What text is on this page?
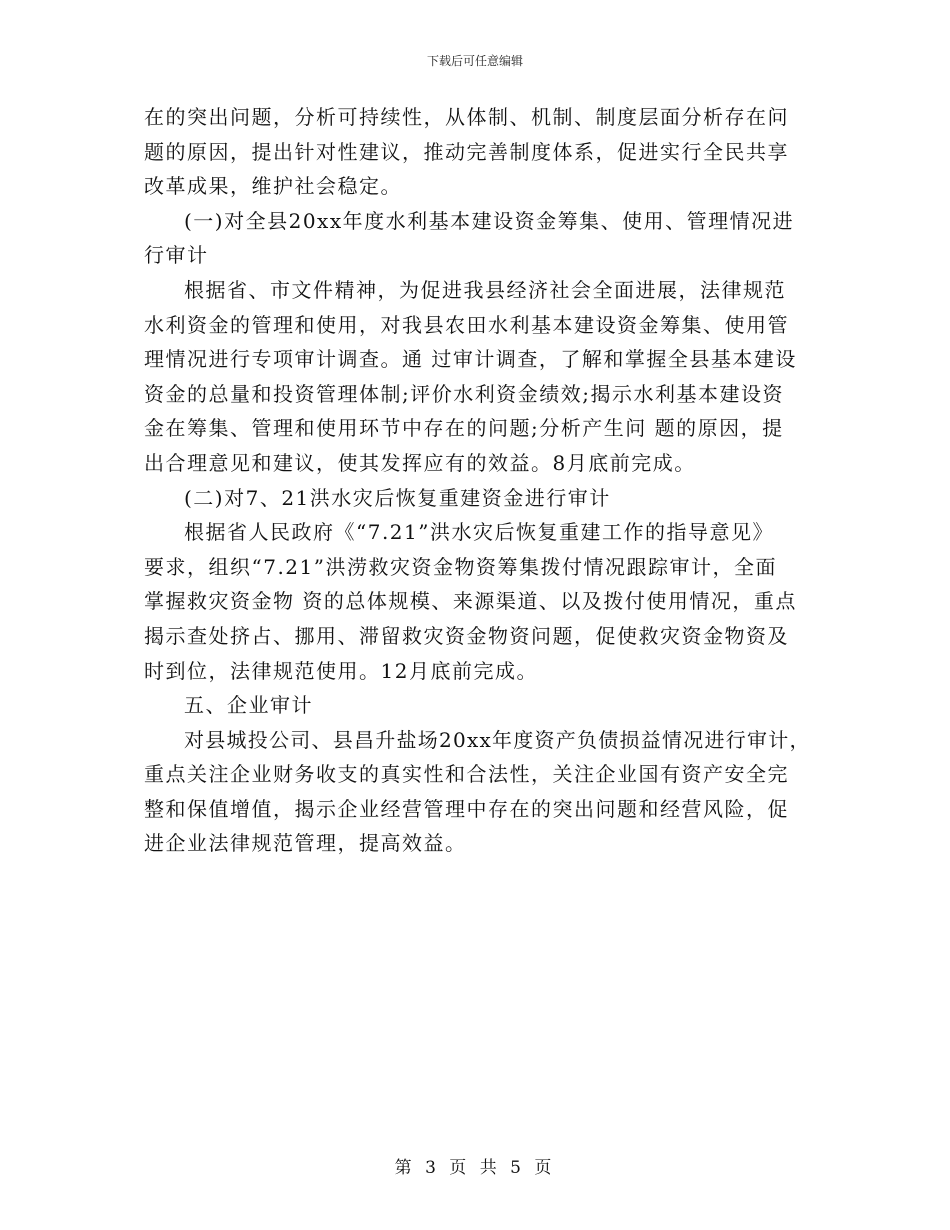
下载后可任意编辑
在的突出问题，分析可持续性，从体制、机制、制度层面分析存在问
题的原因，提出针对性建议，推动完善制度体系，促进实行全民共享
改革成果，维护社会稳定。
(一)对全县20xx年度水利基本建设资金筹集、使用、管理情况进
行审计
根据省、市文件精神，为促进我县经济社会全面进展，法律规范
水利资金的管理和使用，对我县农田水利基本建设资金筹集、使用管
理情况进行专项审计调查。通 过审计调查，了解和掌握全县基本建设
资金的总量和投资管理体制;评价水利资金绩效;揭示水利基本建设资
金在筹集、管理和使用环节中存在的问题;分析产生问 题的原因，提
出合理意见和建议，使其发挥应有的效益。8月底前完成。
(二)对7、21洪水灾后恢复重建资金进行审计
根据省人民政府《“7.21”洪水灾后恢复重建工作的指导意见》
要求，组织“7.21”洪涝救灾资金物资筹集拨付情况跟踪审计，全面
掌握救灾资金物 资的总体规模、来源渠道、以及拨付使用情况，重点
揭示查处挤占、挪用、滞留救灾资金物资问题，促使救灾资金物资及
时到位，法律规范使用。12月底前完成。
五、企业审计
对县城投公司、县昌升盐场20xx年度资产负债损益情况进行审计，
重点关注企业财务收支的真实性和合法性，关注企业国有资产安全完
整和保值增值，揭示企业经营管理中存在的突出问题和经营风险，促
进企业法律规范管理，提高效益。
第 3 页 共 5 页
